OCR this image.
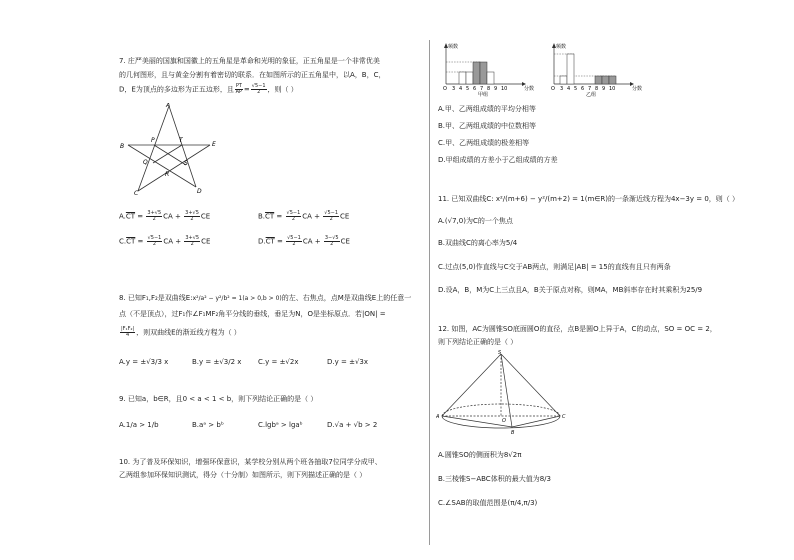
7. 庄严美丽的国旗和国徽上的五角星是革命和光明的象征，正五角星是一个非常优美
的几何图形，且与黄金分割有着密切的联系．在如图所示的正五角星中，以A，B，C，
D，E为顶点的多边形为正五边形，且 $\frac{PT}{AP} = \frac{√5-1}{2}$ ，则（ ）
A
B
C	D
E
P	T
Q
R
S
$A.\overline{CT} = \frac{3+√5}{2}$ CA + $\frac{3+√5}{2}$ CE	$B.\overline{CT} = \frac{√5-1}{2}$ CA + $\frac{√5-1}{2}$ CE
$C.\overline{CT} = \frac{√5-1}{2}$ CA + $\frac{3+√5}{2}$ CE	$D.\overline{CT} = \frac{√5-1}{2}$ CA + $\frac{3-√5}{2}$ CE
8. 已知F₁,F₂是双曲线E:x²/a² − y²/b² = 1(a > 0,b > 0)的左、右焦点，点M是双曲线E上的任意一
点（不是顶点），过F₁作∠F₁MF₂角平分线的垂线，垂足为N，O是坐标原点．若|ON| =
$\frac{\text{|F₁F₂|}}{4}$ ，则双曲线E的渐近线方程为（ ）
A.y = ±√3/3 x	B.y = ±√3/2 x C.y = ±√2x	D.y = ±√3x
9. 已知a，b∈R，且0 < a < 1 < b，则下列结论正确的是（ ）
A.1/a > 1/b	B.aᵃ > bᵇ	C.lgbᵃ > lgaᵇ	D.√a + √b > 2
10. 为了普及环保知识，增强环保意识，某学校分别从两个班各抽取7位同学分成甲、
乙两组参加环保知识测试，得分（十分制）如图所示，则下列描述正确的是（ ）
频数
分数
O 3 4 5 6 7 8 9 10
甲组
频数
分数
O 3 4 5 6 7 8 9 10
乙组
A.甲、乙两组成绩的平均分相等
B.甲、乙两组成绩的中位数相等
C.甲、乙两组成绩的极差相等
D.甲组成绩的方差小于乙组成绩的方差
11. 已知双曲线C: x²/(m+6) − y²/(m+2) = 1(m∈R)的一条渐近线方程为4x−3y = 0，则（ ）
A.(√7,0)为C的一个焦点
B.双曲线C的离心率为5/4
C.过点(5,0)作直线与C交于AB两点，则满足|AB| = 15的直线有且只有两条
D.设A，B，M为C上三点且A，B关于原点对称，则MA，MB斜率存在时其乘积为25/9
12. 如图，AC为圆锥SO底面圆O的直径，点B是圆O上异于A，C的动点，SO = OC = 2，
则下列结论正确的是（ ）
S
A	C
B
O
A.圆锥SO的侧面积为8√2π
B.三棱锥S−ABC体积的最大值为8/3
C.∠SAB的取值范围是(π/4,π/3)
